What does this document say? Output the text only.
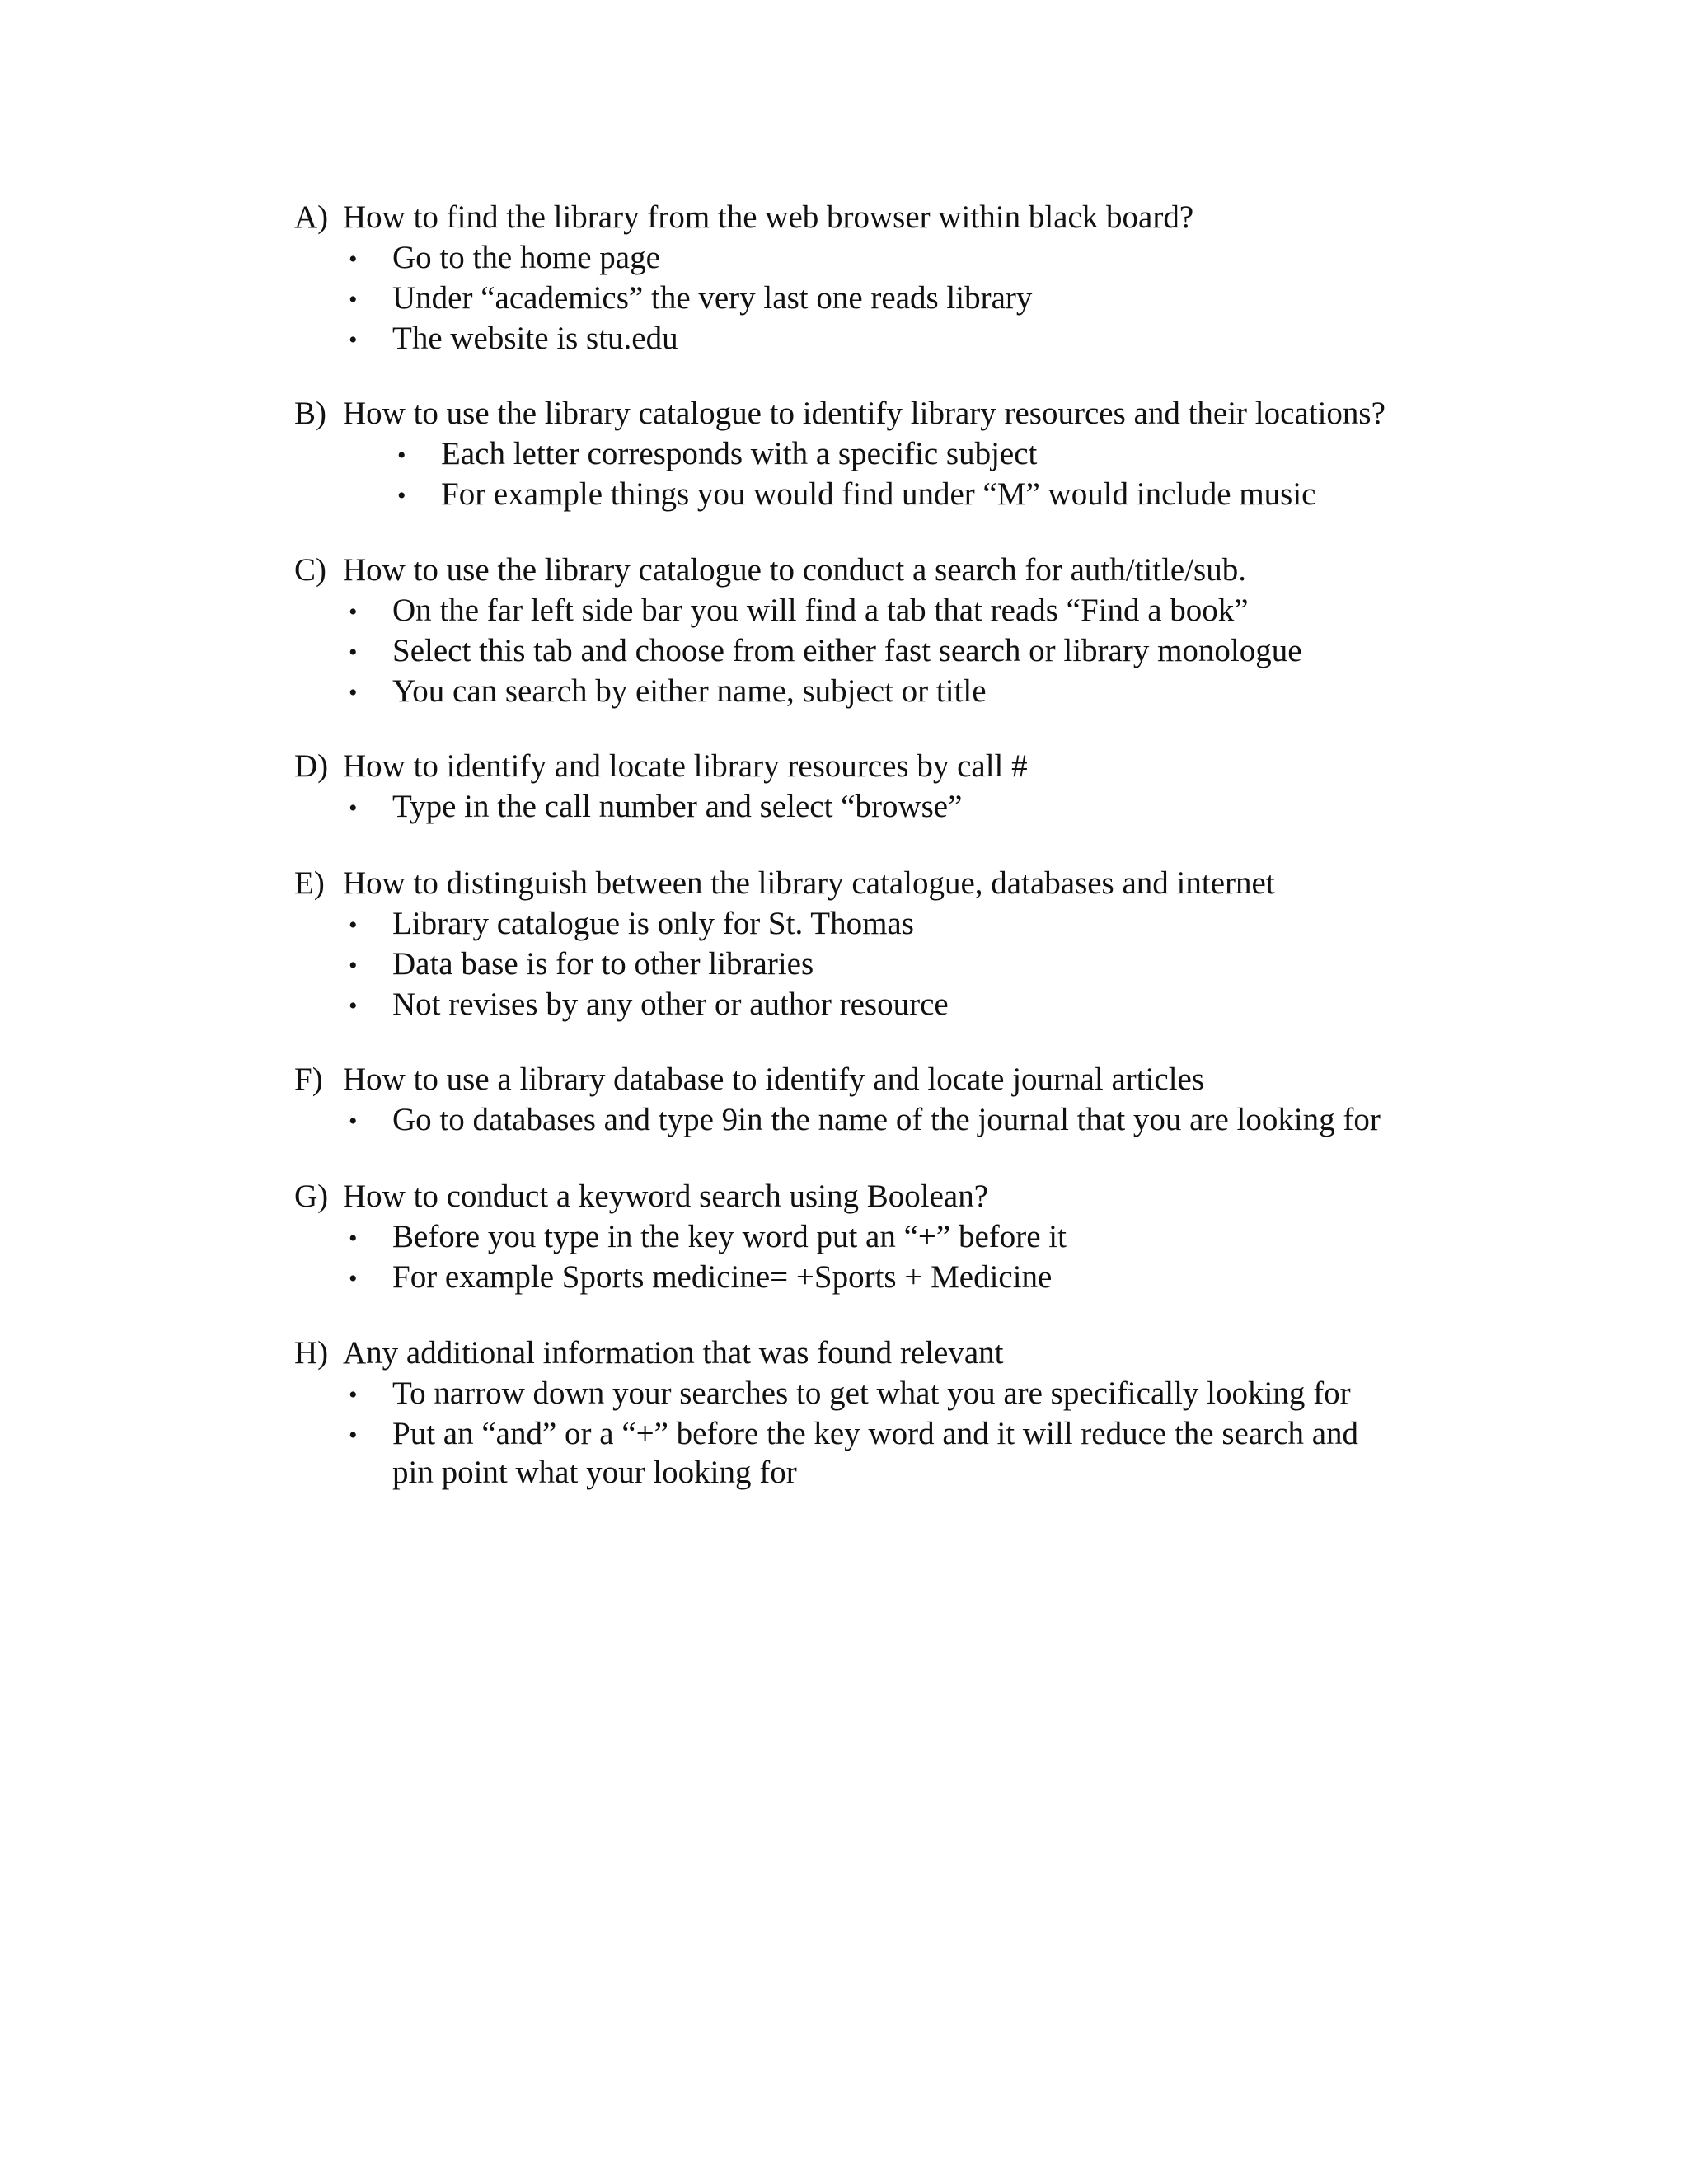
A) How to find the library from the web browser within black board?
• Go to the home page
• Under “academics” the very last one reads library
• The website is stu.edu
B) How to use the library catalogue to identify library resources and their locations?
• Each letter corresponds with a specific subject
• For example things you would find under “M” would include music
C) How to use the library catalogue to conduct a search for auth/title/sub.
• On the far left side bar you will find a tab that reads “Find a book”
• Select this tab and choose from either fast search or library monologue
• You can search by either name, subject or title
D) How to identify and locate library resources by call #
• Type in the call number and select “browse”
E) How to distinguish between the library catalogue, databases and internet
• Library catalogue is only for St. Thomas
• Data base is for to other libraries
• Not revises by any other or author resource
F) How to use a library database to identify and locate journal articles
• Go to databases and type 9in the name of the journal that you are looking for
G) How to conduct a keyword search using Boolean?
• Before you type in the key word put an “+” before it
• For example Sports medicine= +Sports + Medicine
H) Any additional information that was found relevant
• To narrow down your searches to get what you are specifically looking for
• Put an “and” or a “+” before the key word and it will reduce the search and
pin point what your looking for
